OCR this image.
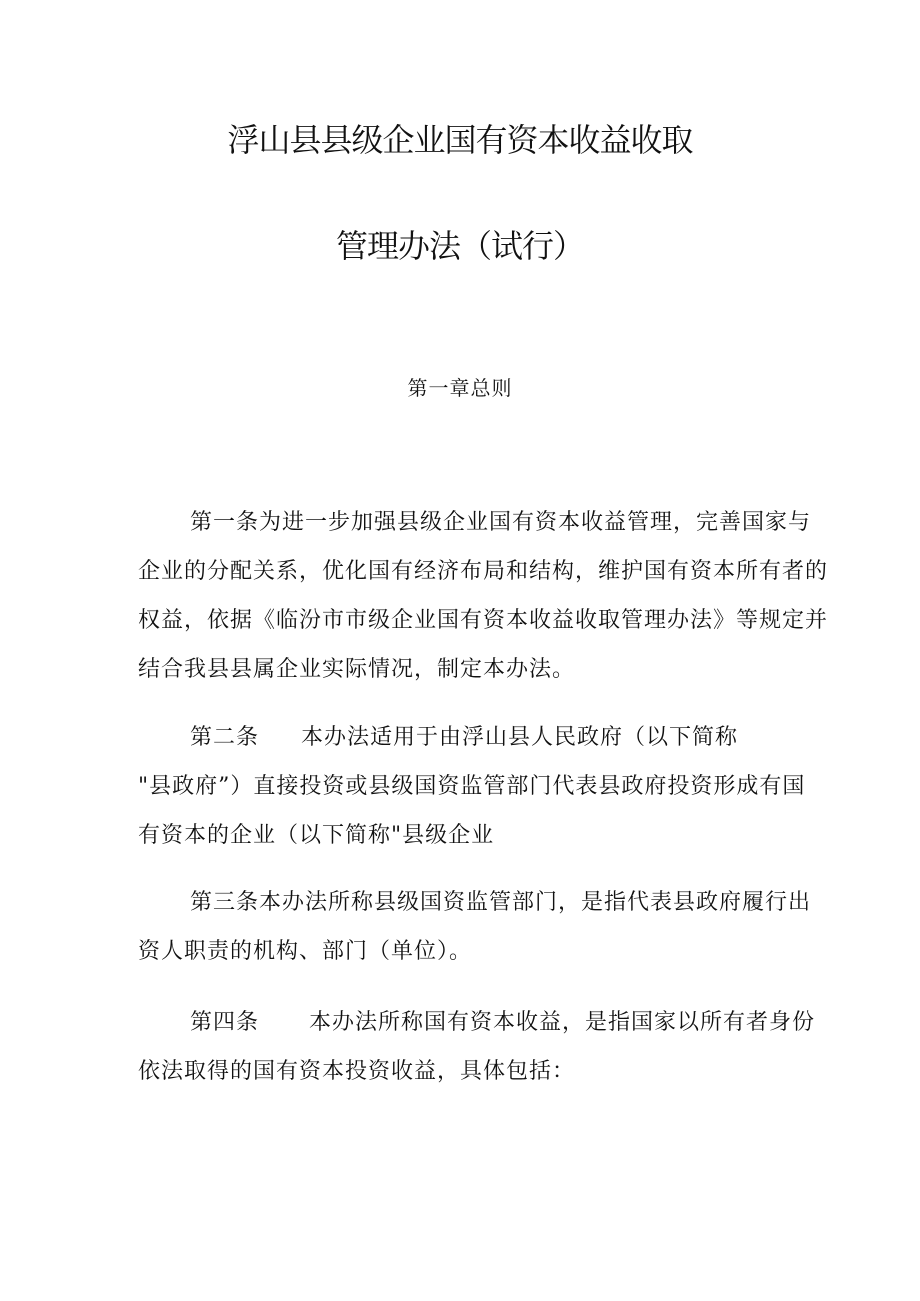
浮山县县级企业国有资本收益收取
管理办法（试行）
第一章总则
第一条为进一步加强县级企业国有资本收益管理，完善国家与
企业的分配关系，优化国有经济布局和结构，维护国有资本所有者的
权益，依据《临汾市市级企业国有资本收益收取管理办法》等规定并
结合我县县属企业实际情况，制定本办法。
第二条 本办法适用于由浮山县人民政府（以下简称
"县政府”）直接投资或县级国资监管部门代表县政府投资形成有国
有资本的企业（以下简称"县级企业
第三条本办法所称县级国资监管部门，是指代表县政府履行出
资人职责的机构、部门（单位）。
第四条 本办法所称国有资本收益，是指国家以所有者身份
依法取得的国有资本投资收益，具体包括：
